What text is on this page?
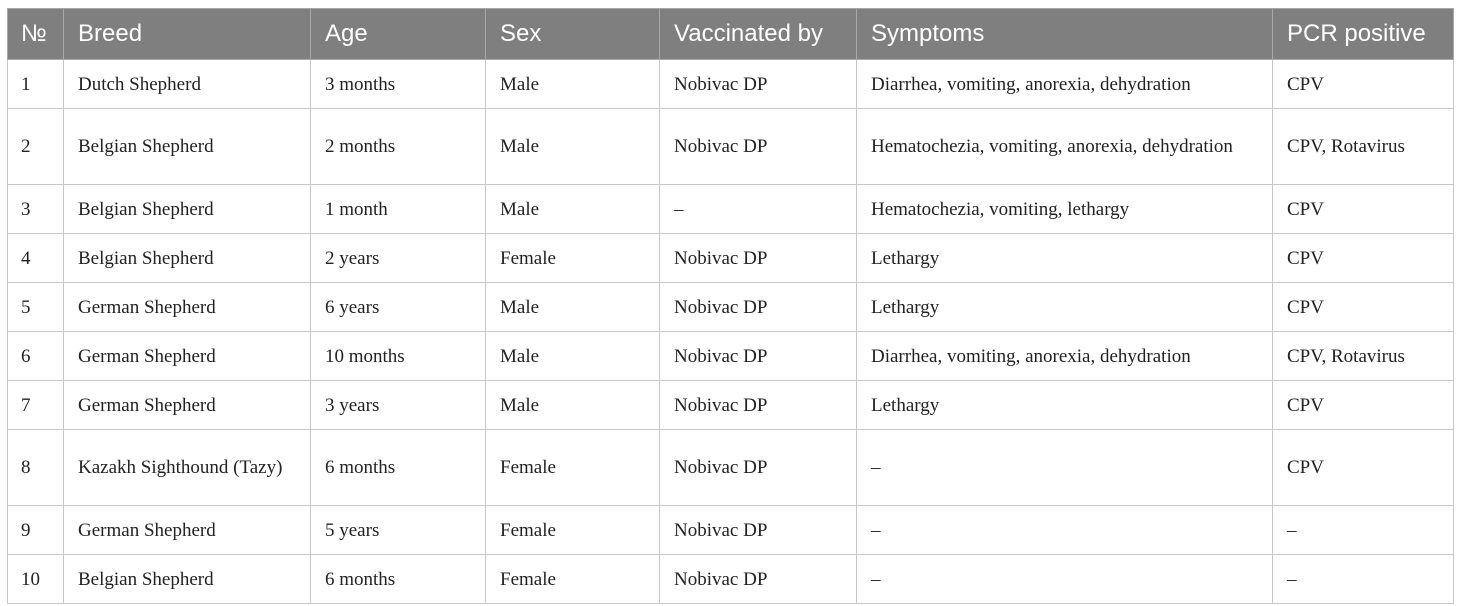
№	Breed	Age	Sex	Vaccinated by	Symptoms	PCR positive
1	Dutch Shepherd	3 months	Male	Nobivac DP	Diarrhea, vomiting, anorexia, dehydration	CPV
2	Belgian Shepherd	2 months	Male	Nobivac DP	Hematochezia, vomiting, anorexia, dehydration	CPV, Rotavirus
3	Belgian Shepherd	1 month	Male	–	Hematochezia, vomiting, lethargy	CPV
4	Belgian Shepherd	2 years	Female	Nobivac DP	Lethargy	CPV
5	German Shepherd	6 years	Male	Nobivac DP	Lethargy	CPV
6	German Shepherd	10 months	Male	Nobivac DP	Diarrhea, vomiting, anorexia, dehydration	CPV, Rotavirus
7	German Shepherd	3 years	Male	Nobivac DP	Lethargy	CPV
8	Kazakh Sighthound (Tazy)	6 months	Female	Nobivac DP	–	CPV
9	German Shepherd	5 years	Female	Nobivac DP	–	–
10	Belgian Shepherd	6 months	Female	Nobivac DP	–	–
